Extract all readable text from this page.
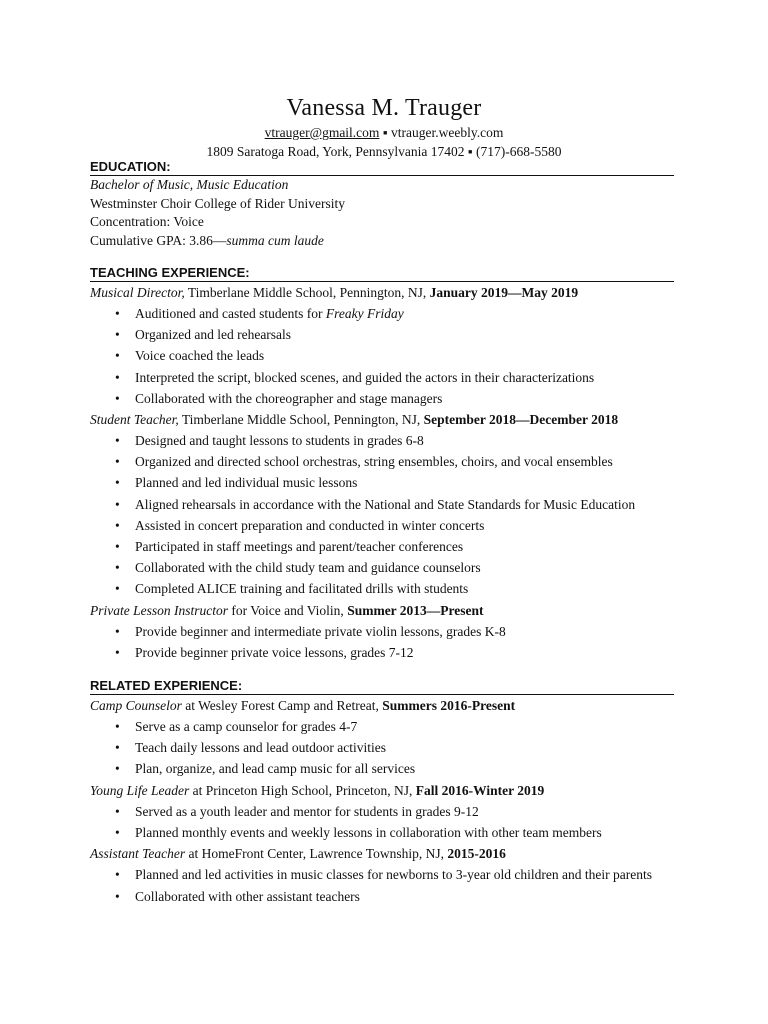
Vanessa M. Trauger
vtrauger@gmail.com ▪ vtrauger.weebly.com
1809 Saratoga Road, York, Pennsylvania 17402 ▪ (717)-668-5580
EDUCATION:
Bachelor of Music, Music Education
Westminster Choir College of Rider University
Concentration: Voice
Cumulative GPA: 3.86—summa cum laude
TEACHING EXPERIENCE:
Musical Director, Timberlane Middle School, Pennington, NJ, January 2019—May 2019
• Auditioned and casted students for Freaky Friday
• Organized and led rehearsals
• Voice coached the leads
• Interpreted the script, blocked scenes, and guided the actors in their characterizations
• Collaborated with the choreographer and stage managers
Student Teacher, Timberlane Middle School, Pennington, NJ, September 2018—December 2018
• Designed and taught lessons to students in grades 6-8
• Organized and directed school orchestras, string ensembles, choirs, and vocal ensembles
• Planned and led individual music lessons
• Aligned rehearsals in accordance with the National and State Standards for Music Education
• Assisted in concert preparation and conducted in winter concerts
• Participated in staff meetings and parent/teacher conferences
• Collaborated with the child study team and guidance counselors
• Completed ALICE training and facilitated drills with students
Private Lesson Instructor for Voice and Violin, Summer 2013—Present
• Provide beginner and intermediate private violin lessons, grades K-8
• Provide beginner private voice lessons, grades 7-12
RELATED EXPERIENCE:
Camp Counselor at Wesley Forest Camp and Retreat, Summers 2016-Present
• Serve as a camp counselor for grades 4-7
• Teach daily lessons and lead outdoor activities
• Plan, organize, and lead camp music for all services
Young Life Leader at Princeton High School, Princeton, NJ, Fall 2016-Winter 2019
• Served as a youth leader and mentor for students in grades 9-12
• Planned monthly events and weekly lessons in collaboration with other team members
Assistant Teacher at HomeFront Center, Lawrence Township, NJ, 2015-2016
• Planned and led activities in music classes for newborns to 3-year old children and their parents
• Collaborated with other assistant teachers
